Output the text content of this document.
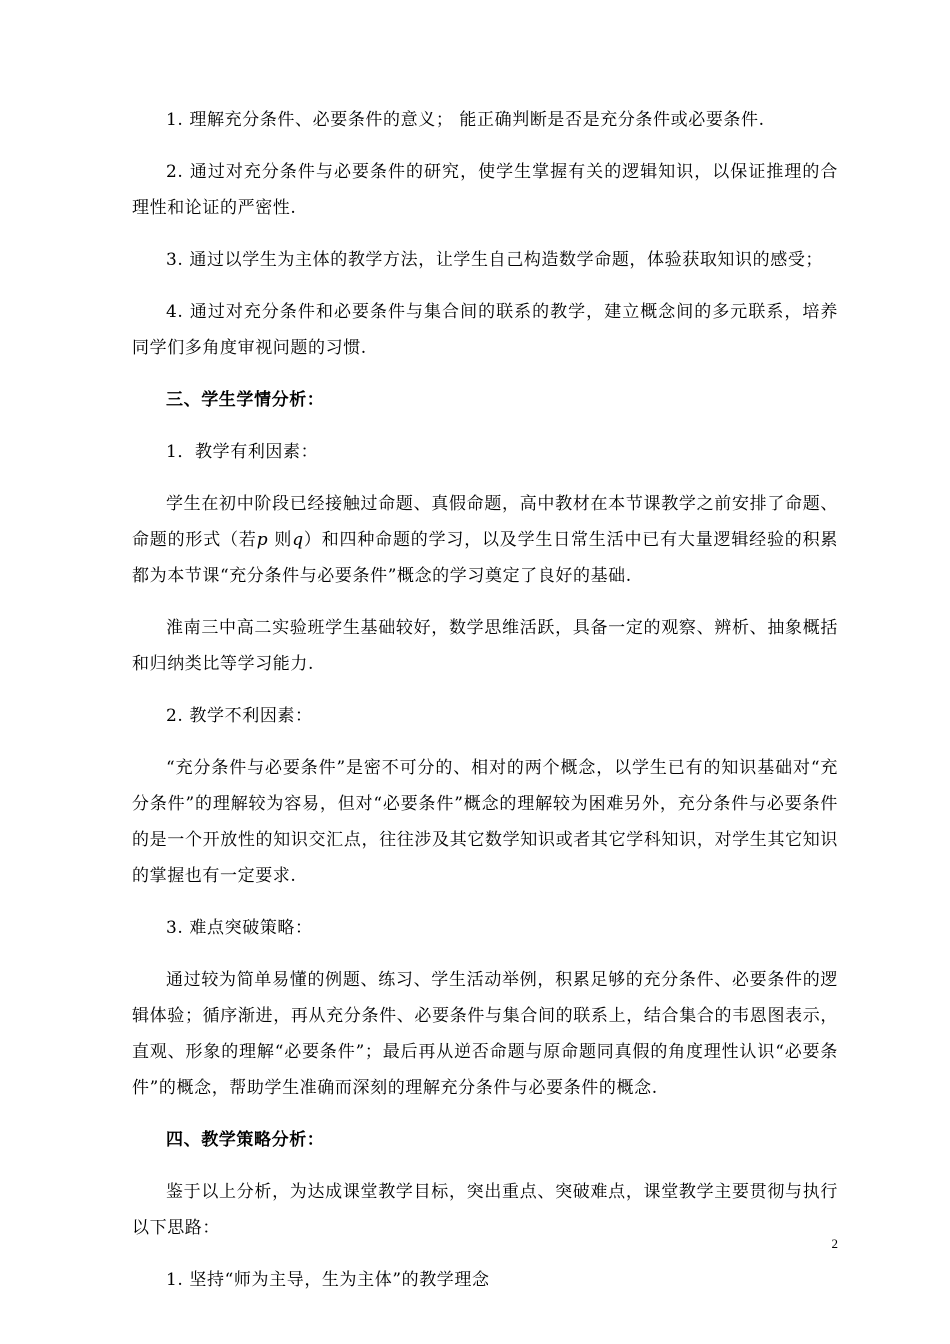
1. 理解充分条件、必要条件的意义； 能正确判断是否是充分条件或必要条件.

2. 通过对充分条件与必要条件的研究，使学生掌握有关的逻辑知识，以保证推理的合理性和论证的严密性.

3. 通过以学生为主体的教学方法，让学生自己构造数学命题，体验获取知识的感受；

4. 通过对充分条件和必要条件与集合间的联系的教学，建立概念间的多元联系，培养同学们多角度审视问题的习惯.

三、学生学情分析：

1．教学有利因素：

学生在初中阶段已经接触过命题、真假命题，高中教材在本节课教学之前安排了命题、命题的形式（若p 则q）和四种命题的学习，以及学生日常生活中已有大量逻辑经验的积累都为本节课“充分条件与必要条件”概念的学习奠定了良好的基础.

淮南三中高二实验班学生基础较好，数学思维活跃，具备一定的观察、辨析、抽象概括和归纳类比等学习能力.

2. 教学不利因素：

“充分条件与必要条件”是密不可分的、相对的两个概念，以学生已有的知识基础对“充分条件”的理解较为容易，但对“必要条件”概念的理解较为困难另外，充分条件与必要条件的是一个开放性的知识交汇点，往往涉及其它数学知识或者其它学科知识，对学生其它知识的掌握也有一定要求.

3. 难点突破策略：

通过较为简单易懂的例题、练习、学生活动举例，积累足够的充分条件、必要条件的逻辑体验；循序渐进，再从充分条件、必要条件与集合间的联系上，结合集合的韦恩图表示，直观、形象的理解“必要条件”；最后再从逆否命题与原命题同真假的角度理性认识“必要条件”的概念，帮助学生准确而深刻的理解充分条件与必要条件的概念.

四、教学策略分析：

鉴于以上分析，为达成课堂教学目标，突出重点、突破难点，课堂教学主要贯彻与执行以下思路：

1. 坚持“师为主导，生为主体”的教学理念

2
